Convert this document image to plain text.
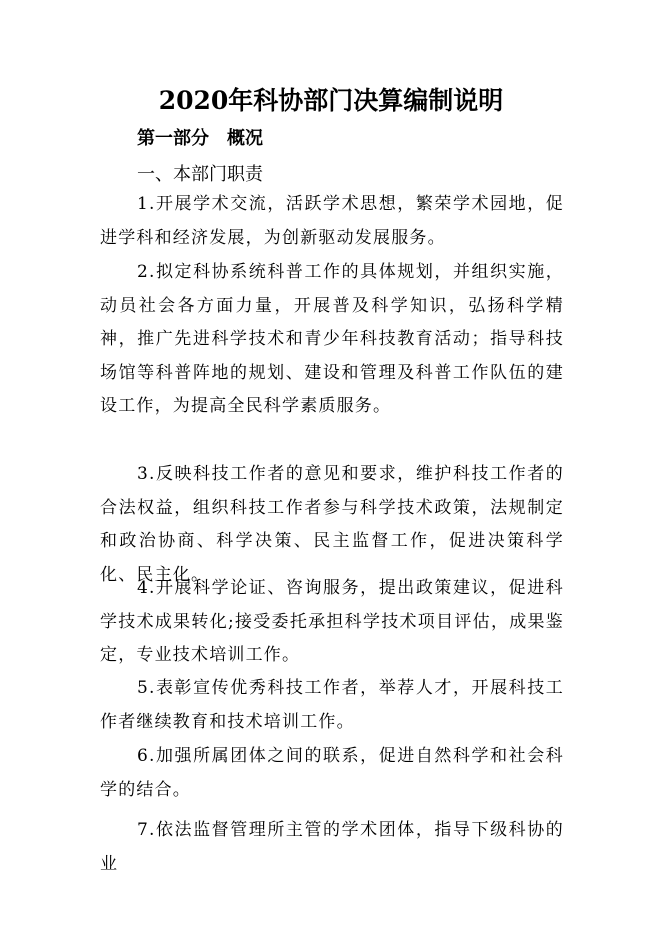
2020年科协部门决算编制说明
第一部分　概况
一、本部门职责

1.开展学术交流，活跃学术思想，繁荣学术园地，促进学科和经济发展，为创新驱动发展服务。

2.拟定科协系统科普工作的具体规划，并组织实施，动员社会各方面力量，开展普及科学知识，弘扬科学精神，推广先进科学技术和青少年科技教育活动；指导科技场馆等科普阵地的规划、建设和管理及科普工作队伍的建设工作，为提高全民科学素质服务。

3.反映科技工作者的意见和要求，维护科技工作者的合法权益，组织科技工作者参与科学技术政策，法规制定和政治协商、科学决策、民主监督工作，促进决策科学化、民主化。

4.开展科学论证、咨询服务，提出政策建议，促进科学技术成果转化;接受委托承担科学技术项目评估，成果鉴定，专业技术培训工作。

5.表彰宣传优秀科技工作者，举荐人才，开展科技工作者继续教育和技术培训工作。

6.加强所属团体之间的联系，促进自然科学和社会科学的结合。

7.依法监督管理所主管的学术团体，指导下级科协的业
